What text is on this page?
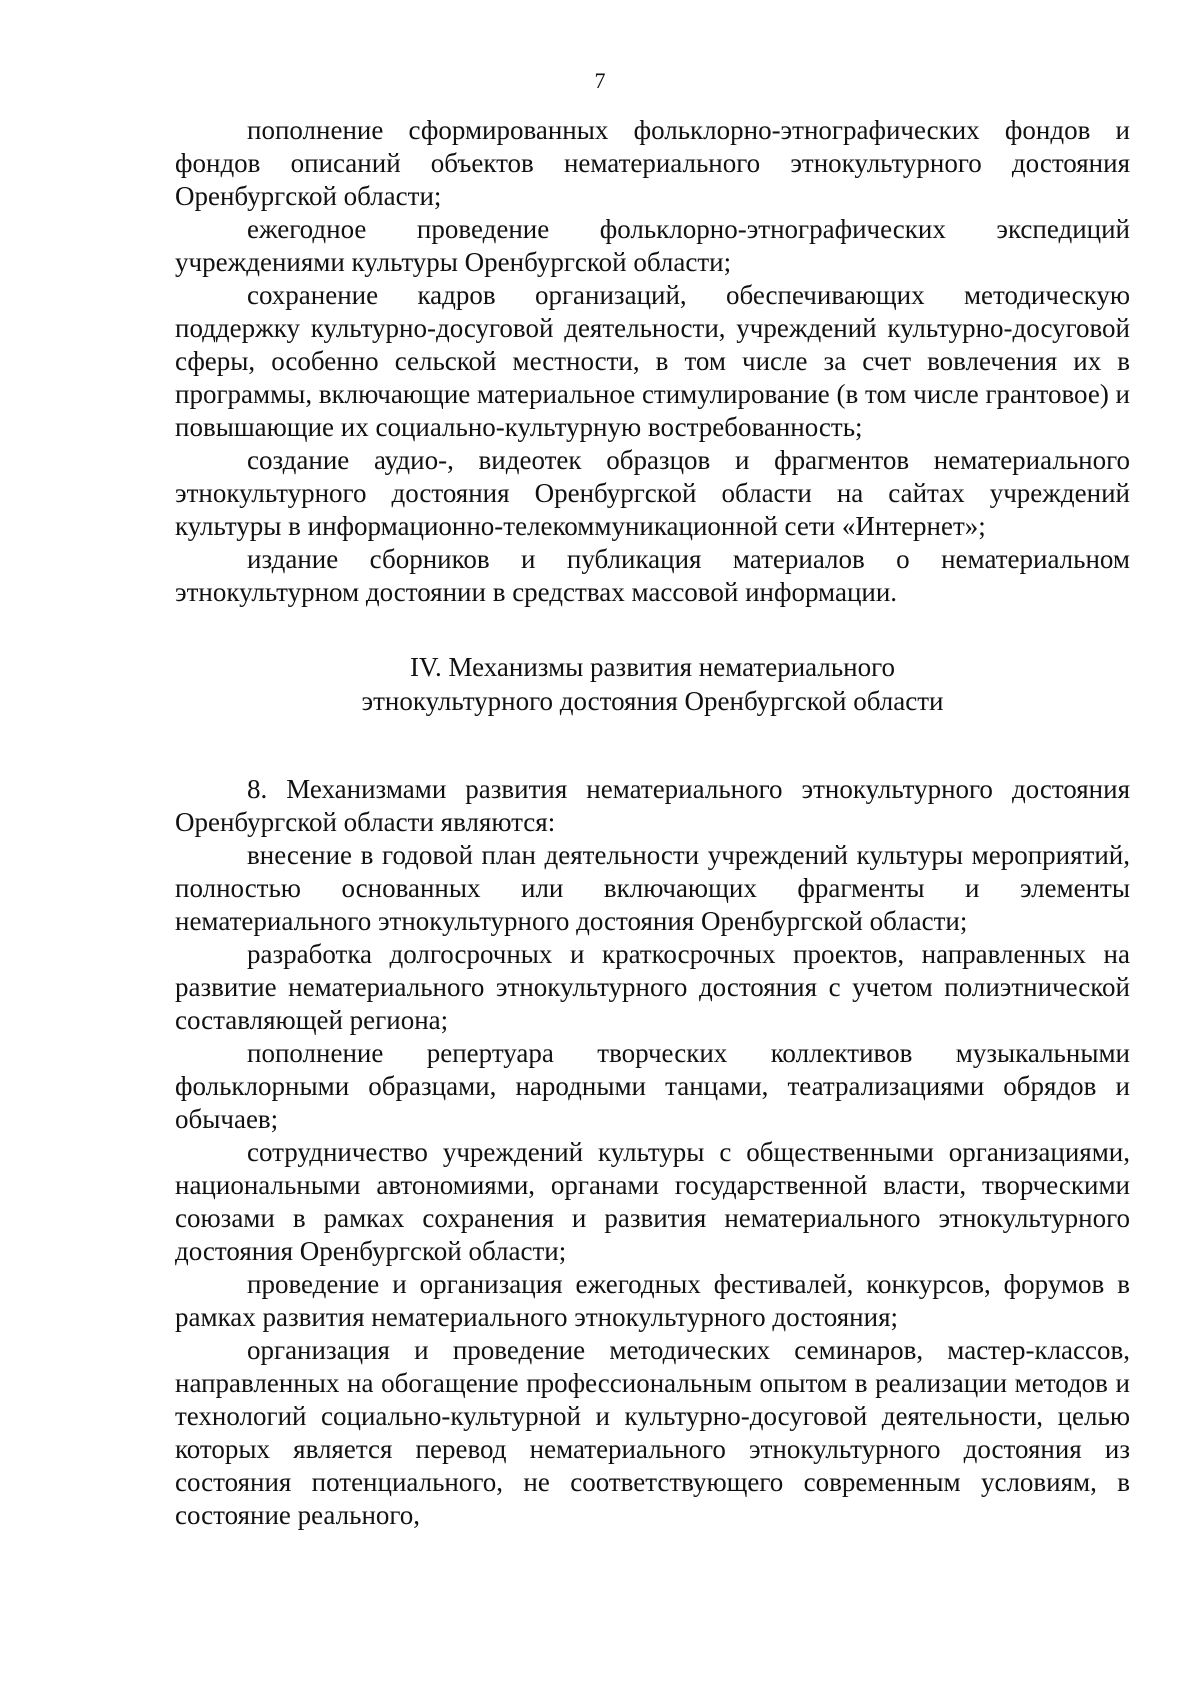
7

пополнение сформированных фольклорно-этнографических фондов и фондов описаний объектов нематериального этнокультурного достояния Оренбургской области;

ежегодное проведение фольклорно-этнографических экспедиций учреждениями культуры Оренбургской области;

сохранение кадров организаций, обеспечивающих методическую поддержку культурно-досуговой деятельности, учреждений культурно-досуговой сферы, особенно сельской местности, в том числе за счет вовлечения их в программы, включающие материальное стимулирование (в том числе грантовое) и повышающие их социально-культурную востребованность;

создание аудио-, видеотек образцов и фрагментов нематериального этнокультурного достояния Оренбургской области на сайтах учреждений культуры в информационно-телекоммуникационной сети «Интернет»;

издание сборников и публикация материалов о нематериальном этнокультурном достоянии в средствах массовой информации.

IV. Механизмы развития нематериального
этнокультурного достояния Оренбургской области

8. Механизмами развития нематериального этнокультурного достояния Оренбургской области являются:

внесение в годовой план деятельности учреждений культуры мероприятий, полностью основанных или включающих фрагменты и элементы нематериального этнокультурного достояния Оренбургской области;

разработка долгосрочных и краткосрочных проектов, направленных на развитие нематериального этнокультурного достояния с учетом полиэтнической составляющей региона;

пополнение репертуара творческих коллективов музыкальными фольклорными образцами, народными танцами, театрализациями обрядов и обычаев;

сотрудничество учреждений культуры с общественными организациями, национальными автономиями, органами государственной власти, творческими союзами в рамках сохранения и развития нематериального этнокультурного достояния Оренбургской области;

проведение и организация ежегодных фестивалей, конкурсов, форумов в рамках развития нематериального этнокультурного достояния;

организация и проведение методических семинаров, мастер-классов, направленных на обогащение профессиональным опытом в реализации методов и технологий социально-культурной и культурно-досуговой деятельности, целью которых является перевод нематериального этнокультурного достояния из состояния потенциального, не соответствующего современным условиям, в состояние реального,
